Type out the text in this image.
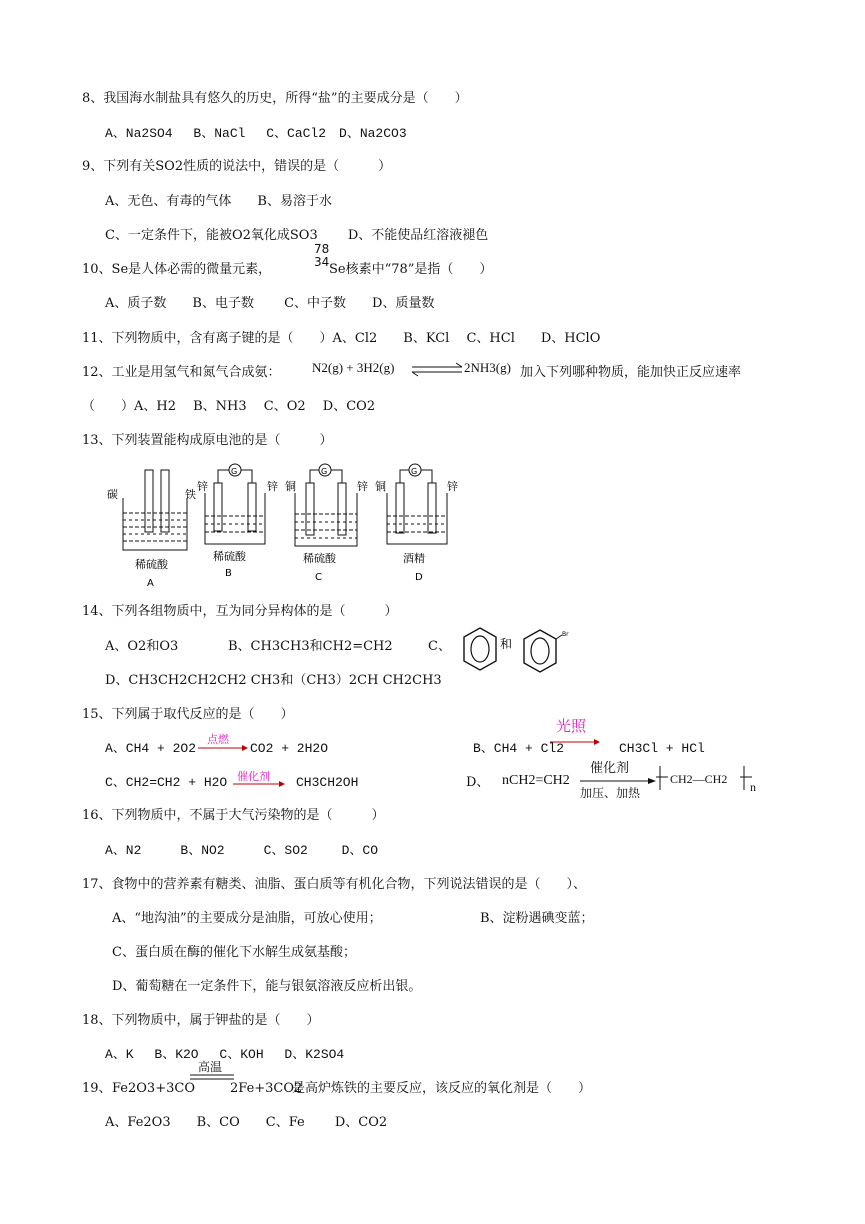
8、我国海水制盐具有悠久的历史，所得“盐”的主要成分是（　　）
A、Na2SO4　 B、NaCl　 C、CaCl2　D、Na2CO3
9、下列有关SO2性质的说法中，错误的是（　　　）
A、无色、有毒的气体　　B、易溶于水
C、一定条件下，能被O2氧化成SO3　　 D、不能使品红溶液褪色
10、Se是人体必需的微量元素，
78
34 Se核素中“78”是指（　　）
A、质子数　　B、电子数　　 C、中子数　　D、质量数
11、下列物质中，含有离子键的是（　　）A、Cl2　　B、KCl　 C、HCl　　D、HClO
12、工业是用氢气和氮气合成氨： N2(g) + 3H2(g)	2NH3(g) 加入下列哪种物质，能加快正反应速率
（　　）A、H2　 B、NH3　 C、O2　 D、CO2
13、下列装置能构成原电池的是（　　　）
碳	铁
稀硫酸
A
锌	锌
G
稀硫酸
B
铜	锌
G
稀硫酸
C
铜	锌
G
酒精
D
14、下列各组物质中，互为同分异构体的是（　　　）
A、O2和O3	B、CH3CH3和CH2=CH2	C、	和
Br
D、CH3CH2CH2CH2 CH3和（CH3）2CH CH2CH3
15、下列属于取代反应的是（　　）
A、CH4 + 2O2
点燃
CO2 + 2H2O	B、CH4 + Cl2
光照
CH3Cl + HCl
C、CH2=CH2 + H2O 催化剂 CH3CH2OH	D、 nCH2=CH2
催化剂
加压、加热
CH2—CH2
n
16、下列物质中，不属于大气污染物的是（　　　）
A、N2　　　B、NO2　　　C、SO2　　 D、CO
17、食物中的营养素有糖类、油脂、蛋白质等有机化合物，下列说法错误的是（　　）、
A、“地沟油”的主要成分是油脂，可放心使用；	B、淀粉遇碘变蓝；
C、蛋白质在酶的催化下水解生成氨基酸；
D、葡萄糖在一定条件下，能与银氨溶液反应析出银。
18、下列物质中，属于钾盐的是（　　）
A、K　 B、K2O　 C、KOH　 D、K2SO4
19、 Fe2O3+3CO
高温
2Fe+3CO2
是高炉炼铁的主要反应，该反应的氧化剂是（　　）
A、Fe2O3　　B、CO　　C、Fe　　 D、CO2
